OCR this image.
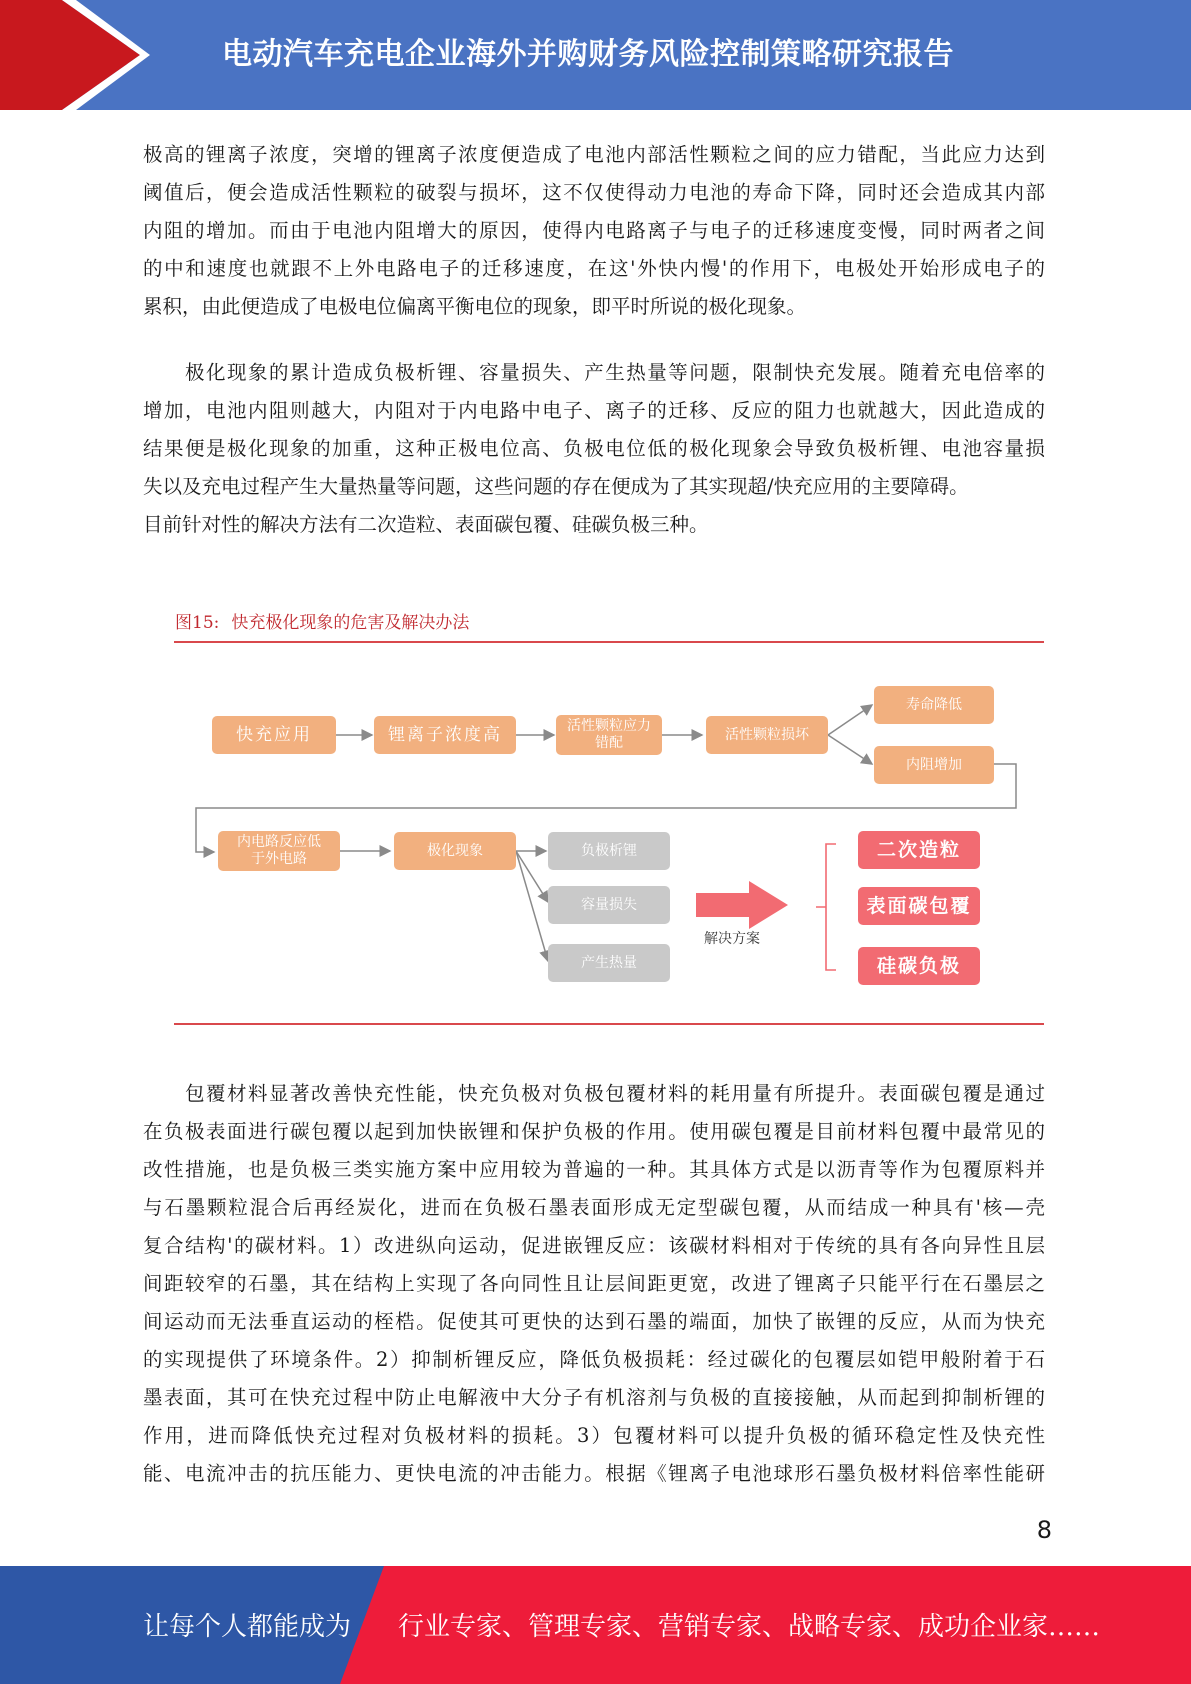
电动汽车充电企业海外并购财务风险控制策略研究报告
极高的锂离子浓度，突增的锂离子浓度便造成了电池内部活性颗粒之间的应力错配，当此应力达到
阈值后，便会造成活性颗粒的破裂与损坏，这不仅使得动力电池的寿命下降，同时还会造成其内部
内阻的增加。而由于电池内阻增大的原因，使得内电路离子与电子的迁移速度变慢，同时两者之间
的中和速度也就跟不上外电路电子的迁移速度，在这'外快内慢'的作用下，电极处开始形成电子的
累积，由此便造成了电极电位偏离平衡电位的现象，即平时所说的极化现象。
极化现象的累计造成负极析锂、容量损失、产生热量等问题，限制快充发展。随着充电倍率的
增加，电池内阻则越大，内阻对于内电路中电子、离子的迁移、反应的阻力也就越大，因此造成的
结果便是极化现象的加重，这种正极电位高、负极电位低的极化现象会导致负极析锂、电池容量损
失以及充电过程产生大量热量等问题，这些问题的存在便成为了其实现超/快充应用的主要障碍。
目前针对性的解决方法有二次造粒、表面碳包覆、硅碳负极三种。
图15: 快充极化现象的危害及解决办法
快充应用	锂离子浓度高	活性颗粒应力错配
活性颗粒损坏
寿命降低
内阻增加
内电路反应低于外电路
极化现象	负极析锂
容量损失
产生热量
解决方案
二次造粒
表面碳包覆
硅碳负极
包覆材料显著改善快充性能，快充负极对负极包覆材料的耗用量有所提升。表面碳包覆是通过
在负极表面进行碳包覆以起到加快嵌锂和保护负极的作用。使用碳包覆是目前材料包覆中最常见的
改性措施，也是负极三类实施方案中应用较为普遍的一种。其具体方式是以沥青等作为包覆原料并
与石墨颗粒混合后再经炭化，进而在负极石墨表面形成无定型碳包覆，从而结成一种具有'核—壳
复合结构'的碳材料。1）改进纵向运动，促进嵌锂反应：该碳材料相对于传统的具有各向异性且层
间距较窄的石墨，其在结构上实现了各向同性且让层间距更宽，改进了锂离子只能平行在石墨层之
间运动而无法垂直运动的桎梏。促使其可更快的达到石墨的端面，加快了嵌锂的反应，从而为快充
的实现提供了环境条件。2）抑制析锂反应，降低负极损耗：经过碳化的包覆层如铠甲般附着于石
墨表面，其可在快充过程中防止电解液中大分子有机溶剂与负极的直接接触，从而起到抑制析锂的
作用，进而降低快充过程对负极材料的损耗。3）包覆材料可以提升负极的循环稳定性及快充性
能、电流冲击的抗压能力、更快电流的冲击能力。根据《锂离子电池球形石墨负极材料倍率性能研
8
让每个人都能成为 行业专家、管理专家、营销专家、战略专家、成功企业家……
